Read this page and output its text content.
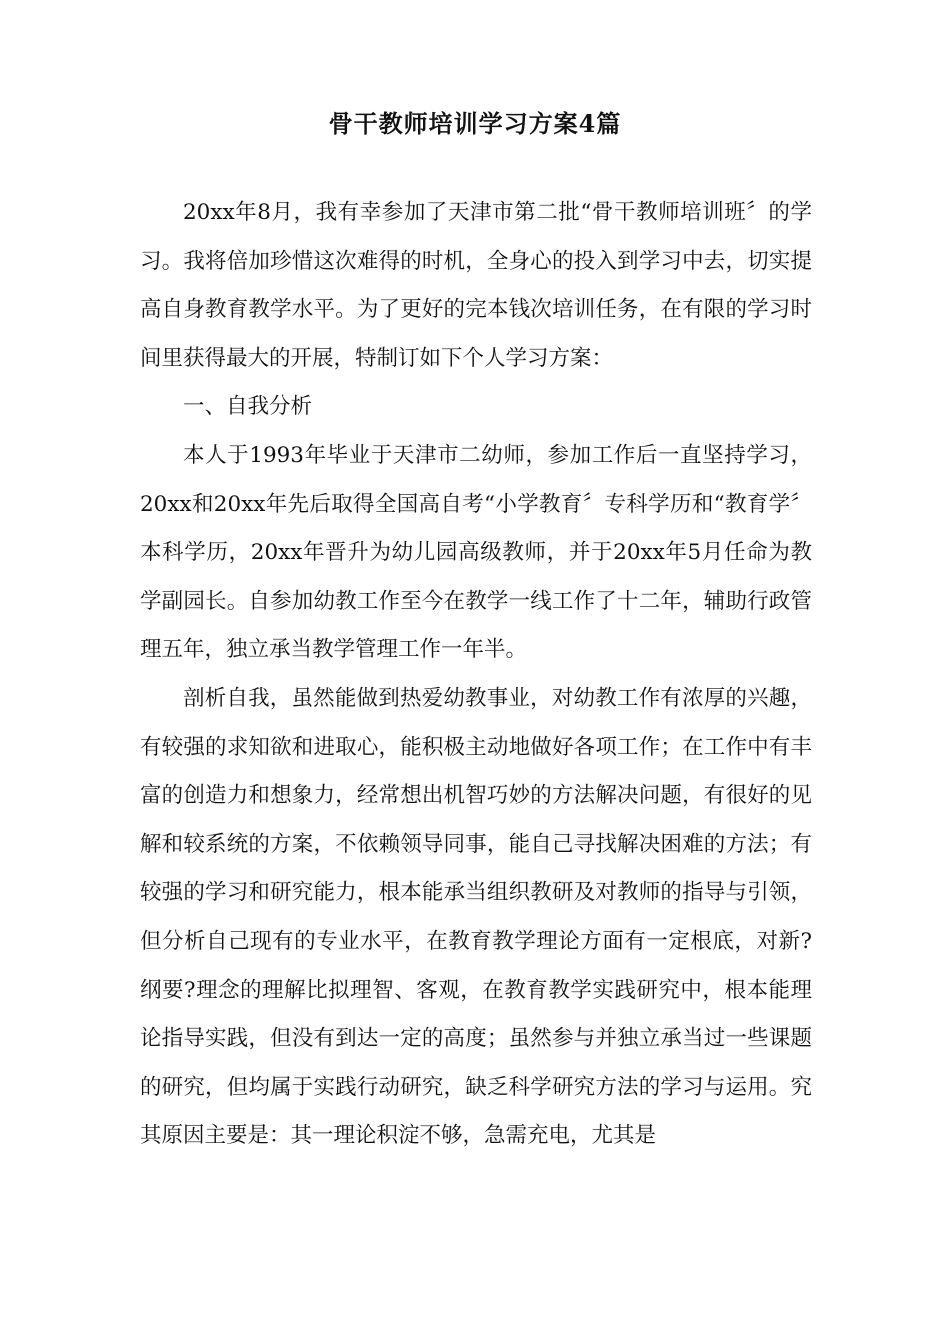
骨干教师培训学习方案4篇

20xx年8月，我有幸参加了天津市第二批“骨干教师培训班〞的学习。我将倍加珍惜这次难得的时机，全身心的投入到学习中去，切实提高自身教育教学水平。为了更好的完本钱次培训任务，在有限的学习时间里获得最大的开展，特制订如下个人学习方案：

一、自我分析

本人于1993年毕业于天津市二幼师，参加工作后一直坚持学习，20xx和20xx年先后取得全国高自考“小学教育〞专科学历和“教育学〞本科学历，20xx年晋升为幼儿园高级教师，并于20xx年5月任命为教学副园长。自参加幼教工作至今在教学一线工作了十二年，辅助行政管理五年，独立承当教学管理工作一年半。

剖析自我，虽然能做到热爱幼教事业，对幼教工作有浓厚的兴趣，有较强的求知欲和进取心，能积极主动地做好各项工作；在工作中有丰富的创造力和想象力，经常想出机智巧妙的方法解决问题，有很好的见解和较系统的方案，不依赖领导同事，能自己寻找解决困难的方法；有较强的学习和研究能力，根本能承当组织教研及对教师的指导与引领，但分析自己现有的专业水平，在教育教学理论方面有一定根底，对新?纲要?理念的理解比拟理智、客观，在教育教学实践研究中，根本能理论指导实践，但没有到达一定的高度；虽然参与并独立承当过一些课题的研究，但均属于实践行动研究，缺乏科学研究方法的学习与运用。究其原因主要是：其一理论积淀不够，急需充电，尤其是
